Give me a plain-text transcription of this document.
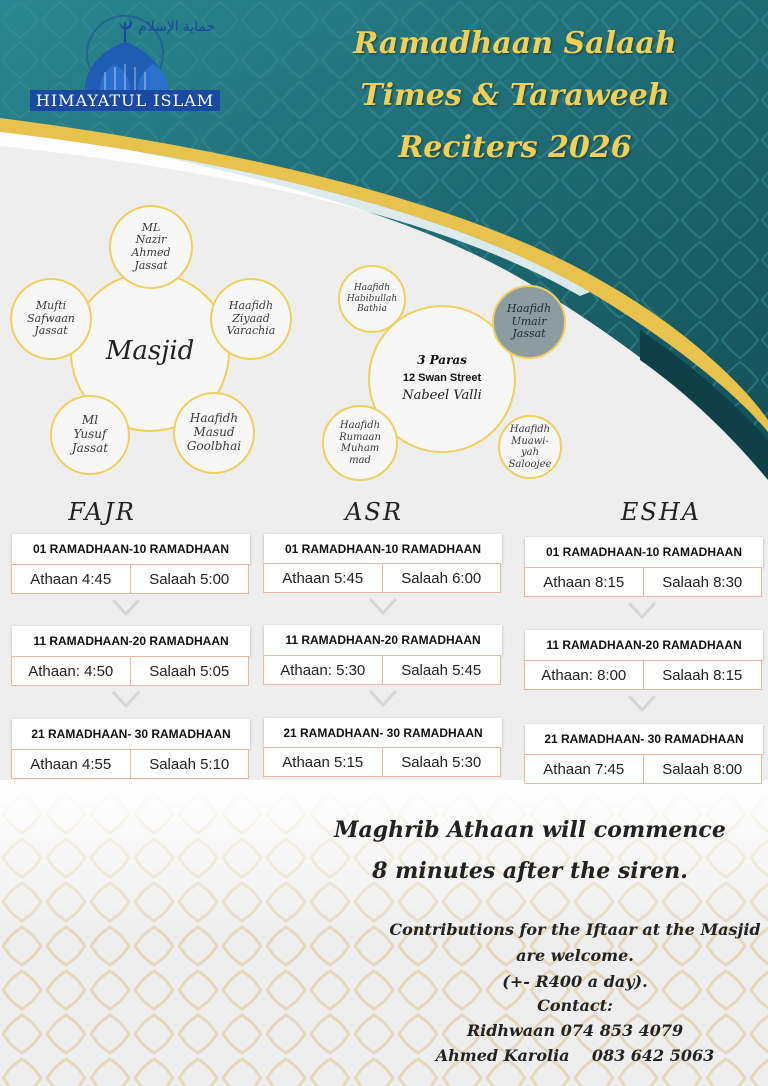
حماية الإسلام
HIMAYATUL ISLAM
Ramadhaan Salaah
Times & Taraweeh
Reciters 2026
Masjid
ML
Nazir
Ahmed
Jassat
Haafidh
Ziyaad
Varachia
Haafidh
Masud
Goolbhai
Ml
Yusuf
Jassat
Mufti
Safwaan
Jassat
3 Paras
12 Swan Street
Nabeel Valli
Haafidh
Habibullah
Bathia	Haafidh
Umair
Jassat
Haafidh
Muawi-
yah
Saloojee
Haafidh
Rumaan
Muham
mad
FAJR	ASR	ESHA
01 RAMADHAAN-10 RAMADHAAN
Athaan 4:45	Salaah 5:00
11 RAMADHAAN-20 RAMADHAAN
Athaan: 4:50	Salaah 5:05
21 RAMADHAAN- 30 RAMADHAAN
Athaan 4:55	Salaah 5:10
01 RAMADHAAN-10 RAMADHAAN
Athaan 5:45	Salaah 6:00
11 RAMADHAAN-20 RAMADHAAN
Athaan: 5:30	Salaah 5:45
21 RAMADHAAN- 30 RAMADHAAN
Athaan 5:15	Salaah 5:30
01 RAMADHAAN-10 RAMADHAAN
Athaan 8:15	Salaah 8:30
11 RAMADHAAN-20 RAMADHAAN
Athaan: 8:00	Salaah 8:15
21 RAMADHAAN- 30 RAMADHAAN
Athaan 7:45	Salaah 8:00
Maghrib Athaan will commence
8 minutes after the siren.
Contributions for the Iftaar at the Masjid
are welcome.
(+- R400 a day).
Contact:
Ridhwaan 074 853 4079
Ahmed Karolia    083 642 5063
